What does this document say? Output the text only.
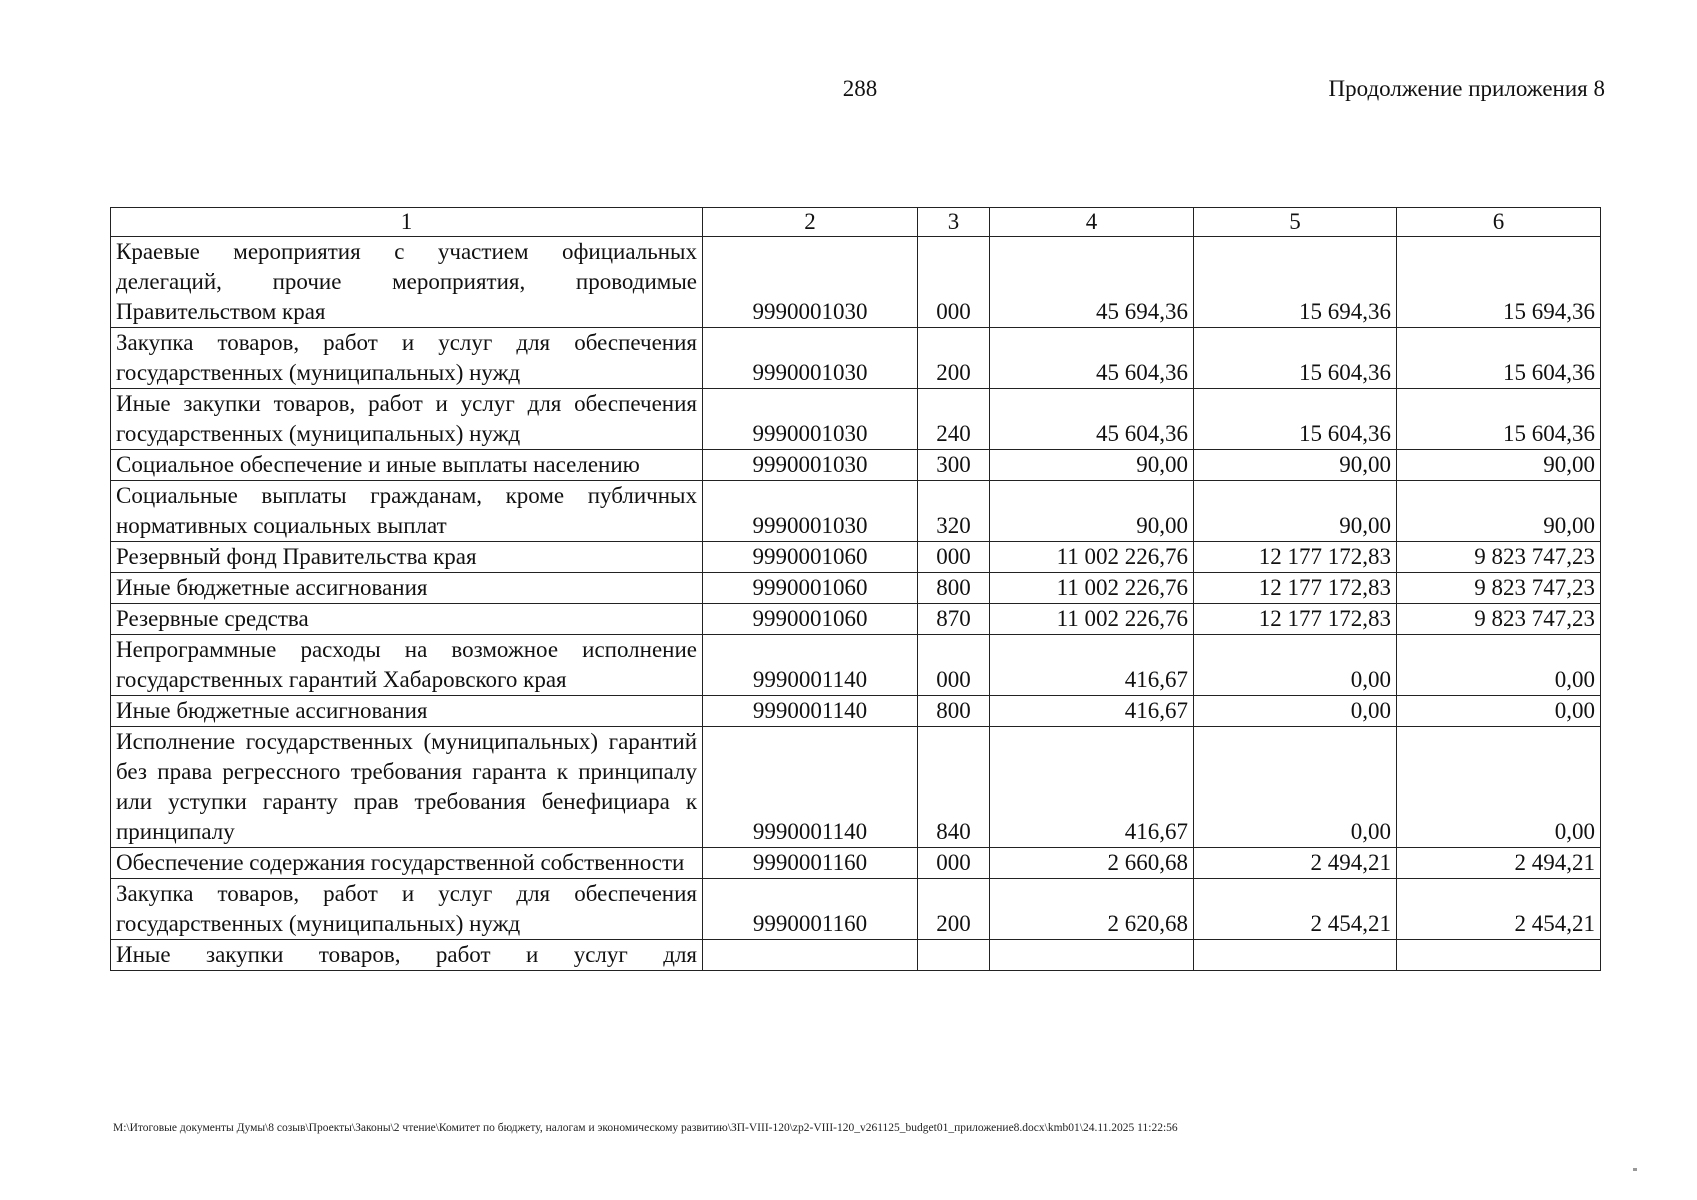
288	Продолжение приложения 8
1	2	3	4	5	6
Краевые мероприятия с участием официальных делегаций, прочие мероприятия, проводимые Правительством края	9990001030	000	45 694,36	15 694,36	15 694,36
Закупка товаров, работ и услуг для обеспечения государственных (муниципальных) нужд	9990001030	200	45 604,36	15 604,36	15 604,36
Иные закупки товаров, работ и услуг для обеспечения государственных (муниципальных) нужд	9990001030	240	45 604,36	15 604,36	15 604,36
Социальное обеспечение и иные выплаты населению	9990001030	300	90,00	90,00	90,00
Социальные выплаты гражданам, кроме публичных нормативных социальных выплат	9990001030	320	90,00	90,00	90,00
Резервный фонд Правительства края	9990001060	000	11 002 226,76	12 177 172,83	9 823 747,23
Иные бюджетные ассигнования	9990001060	800	11 002 226,76	12 177 172,83	9 823 747,23
Резервные средства	9990001060	870	11 002 226,76	12 177 172,83	9 823 747,23
Непрограммные расходы на возможное исполнение государственных гарантий Хабаровского края	9990001140	000	416,67	0,00	0,00
Иные бюджетные ассигнования	9990001140	800	416,67	0,00	0,00
Исполнение государственных (муниципальных) гарантий без права регрессного требования гаранта к принципалу или уступки гаранту прав требования бенефициара к принципалу	9990001140	840	416,67	0,00	0,00
Обеспечение содержания государственной собственности	9990001160	000	2 660,68	2 494,21	2 494,21
Закупка товаров, работ и услуг для обеспечения государственных (муниципальных) нужд	9990001160	200	2 620,68	2 454,21	2 454,21
Иные закупки товаров, работ и услуг для					
M:\Итоговые документы Думы\8 созыв\Проекты\Законы\2 чтение\Комитет по бюджету, налогам и экономическому развитию\ЗП-VIII-120\zp2-VIII-120_v261125_budget01_приложение8.docx\kmb01\24.11.2025 11:22:56
